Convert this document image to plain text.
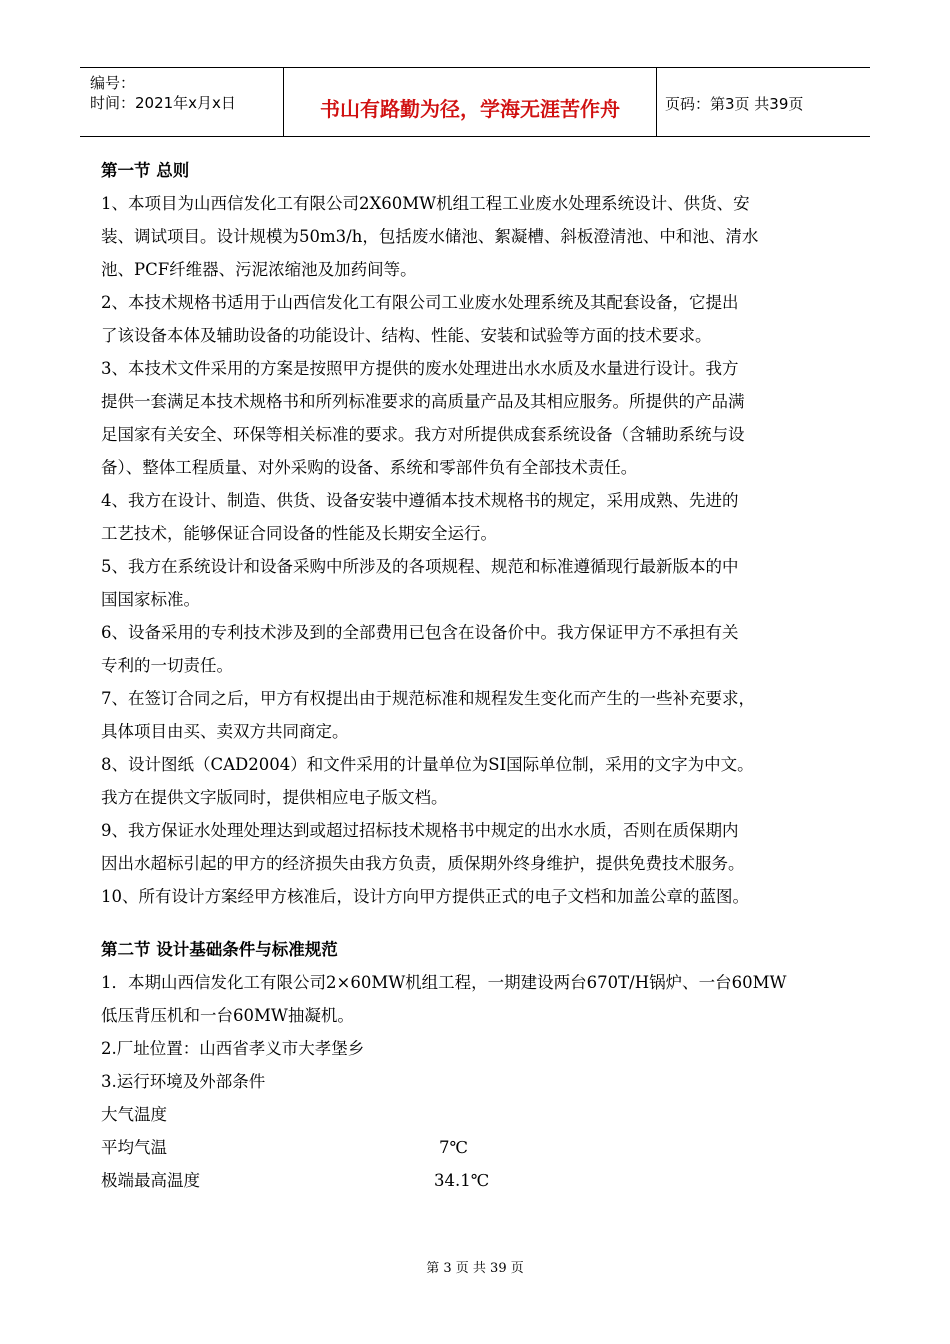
编号：
时间：2021年x月x日	书山有路勤为径，学海无涯苦作舟	页码：第3页 共39页

第一节 总则

1、本项目为山西信发化工有限公司2X60MW机组工程工业废水处理系统设计、供货、安

装、调试项目。设计规模为50m3/h，包括废水储池、絮凝槽、斜板澄清池、中和池、清水

池、PCF纤维器、污泥浓缩池及加药间等。

2、本技术规格书适用于山西信发化工有限公司工业废水处理系统及其配套设备，它提出

了该设备本体及辅助设备的功能设计、结构、性能、安装和试验等方面的技术要求。

3、本技术文件采用的方案是按照甲方提供的废水处理进出水水质及水量进行设计。我方

提供一套满足本技术规格书和所列标准要求的高质量产品及其相应服务。所提供的产品满

足国家有关安全、环保等相关标准的要求。我方对所提供成套系统设备（含辅助系统与设

备）、整体工程质量、对外采购的设备、系统和零部件负有全部技术责任。

4、我方在设计、制造、供货、设备安装中遵循本技术规格书的规定，采用成熟、先进的

工艺技术，能够保证合同设备的性能及长期安全运行。

5、我方在系统设计和设备采购中所涉及的各项规程、规范和标准遵循现行最新版本的中

国国家标准。

6、设备采用的专利技术涉及到的全部费用已包含在设备价中。我方保证甲方不承担有关

专利的一切责任。

7、在签订合同之后，甲方有权提出由于规范标准和规程发生变化而产生的一些补充要求，

具体项目由买、卖双方共同商定。

8、设计图纸（CAD2004）和文件采用的计量单位为SI国际单位制，采用的文字为中文。

我方在提供文字版同时，提供相应电子版文档。

9、我方保证水处理处理达到或超过招标技术规格书中规定的出水水质，否则在质保期内

因出水超标引起的甲方的经济损失由我方负责，质保期外终身维护，提供免费技术服务。

10、所有设计方案经甲方核准后，设计方向甲方提供正式的电子文档和加盖公章的蓝图。

第二节 设计基础条件与标准规范

1．本期山西信发化工有限公司2×60MW机组工程，一期建设两台670T/H锅炉、一台60MW

低压背压机和一台60MW抽凝机。

2.厂址位置：山西省孝义市大孝堡乡

3.运行环境及外部条件

大气温度

平均气温	7℃
极端最高温度	34.1℃
第 3 页 共 39 页
